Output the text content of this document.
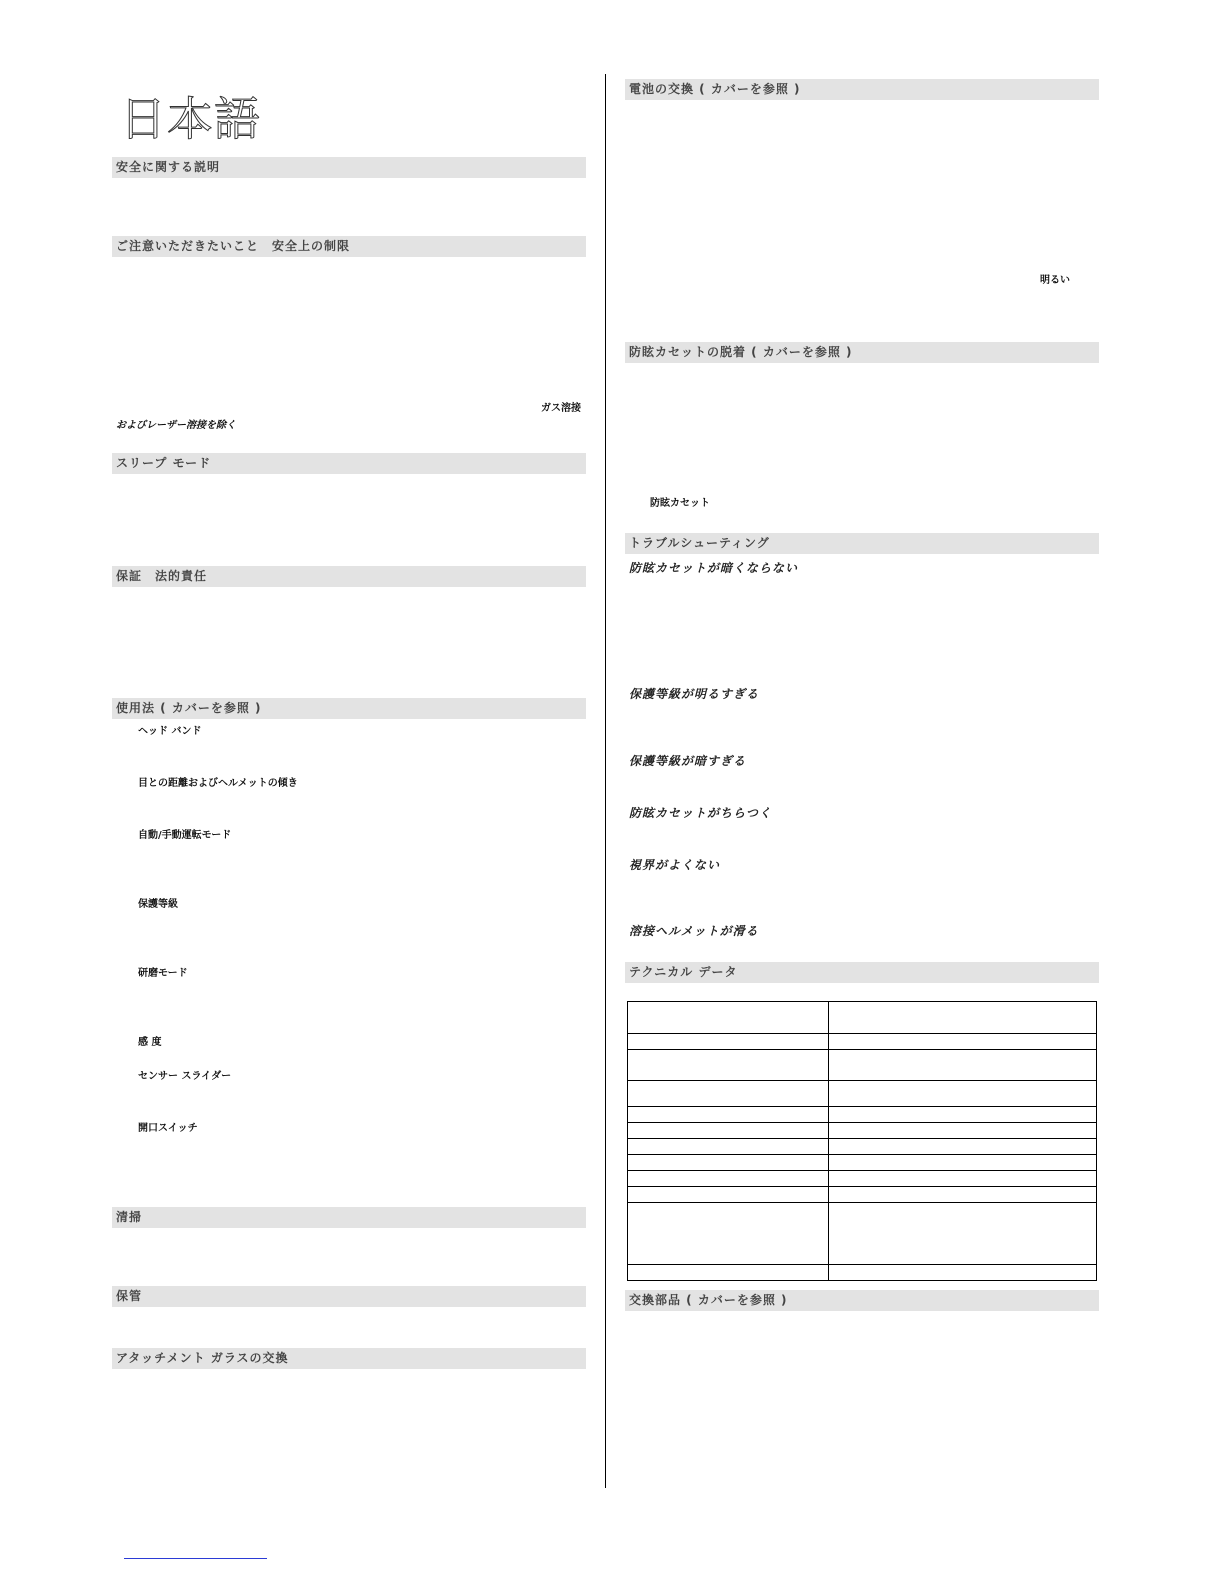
日本語
安全に関する説明
ご注意いただきたいこと　安全上の制限
ガス溶接
およびレーザー溶接を除く
スリープ モード
保証　法的責任
使用法 ( カバーを参照 )
ヘッド バンド
目との距離およびヘルメットの傾き
自動/手動運転モード
保護等級
研磨モード
感 度
センサー スライダー
開口スイッチ
清掃
保管
アタッチメント ガラスの交換
電池の交換 ( カバーを参照 )
明るい
防眩カセットの脱着 ( カバーを参照 )
防眩カセット
トラブルシューティング
防眩カセットが暗くならない
保護等級が明るすぎる
保護等級が暗すぎる
防眩カセットがちらつく
視界がよくない
溶接ヘルメットが滑る
テクニカル データ

交換部品 ( カバーを参照 )
